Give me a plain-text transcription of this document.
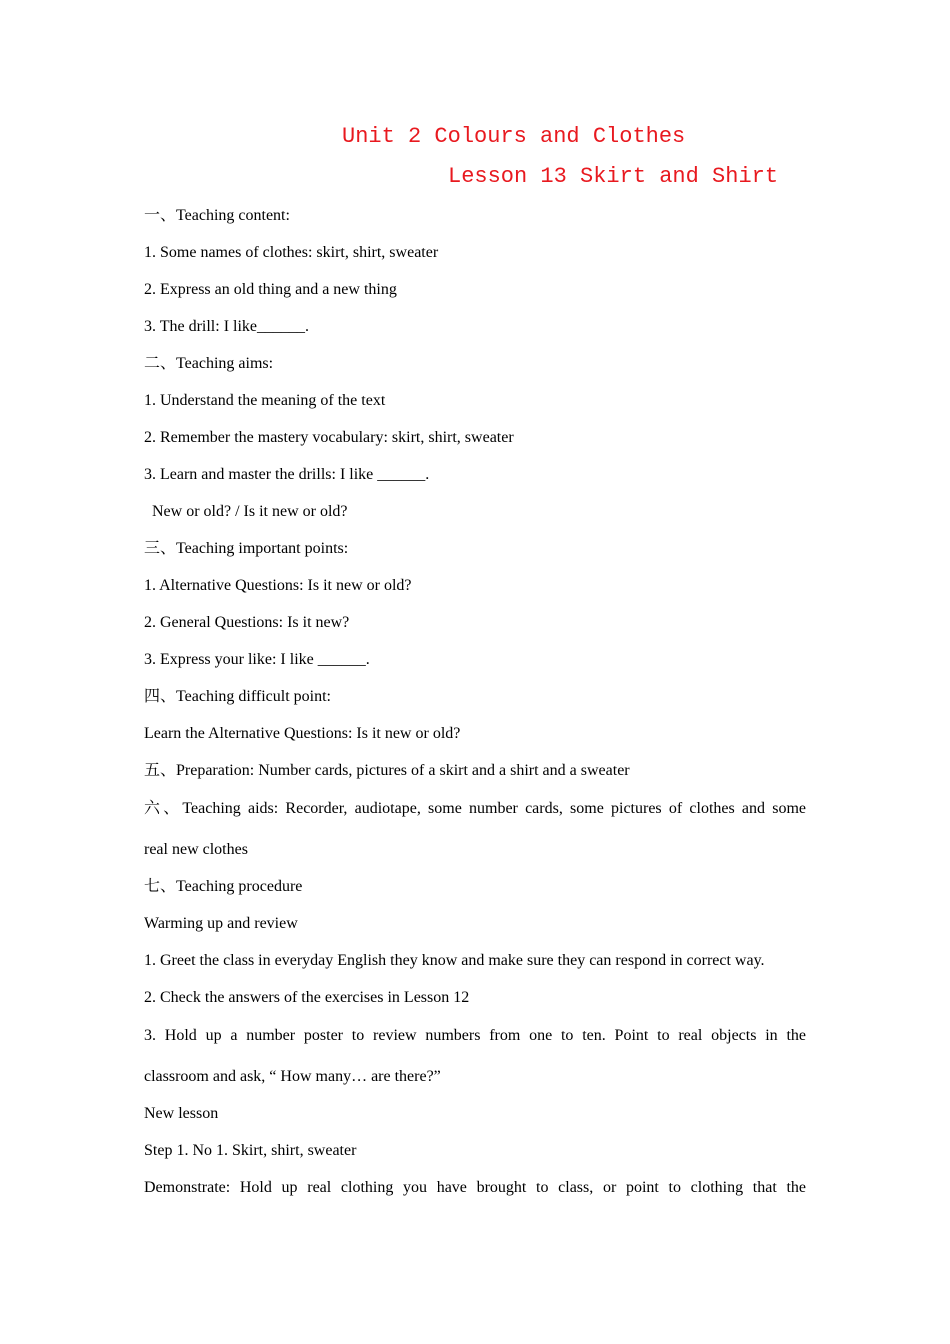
Unit 2 Colours and Clothes
Lesson 13 Skirt and Shirt
一、Teaching content:
1. Some names of clothes: skirt, shirt, sweater
2. Express an old thing and a new thing
3. The drill: I like______.
二、Teaching aims:
1. Understand the meaning of the text
2. Remember the mastery vocabulary: skirt, shirt, sweater
3. Learn and master the drills: I like ______.
New or old? / Is it new or old?
三、Teaching important points:
1. Alternative Questions: Is it new or old?
2. General Questions: Is it new?
3. Express your like: I like ______.
四、Teaching difficult point:
Learn the Alternative Questions: Is it new or old?
五、Preparation: Number cards, pictures of a skirt and a shirt and a sweater
六、Teaching aids: Recorder, audiotape, some number cards, some pictures of clothes and some
real new clothes
七、Teaching procedure
Warming up and review
1. Greet the class in everyday English they know and make sure they can respond in correct way.
2. Check the answers of the exercises in Lesson 12
3. Hold up a number poster to review numbers from one to ten. Point to real objects in the
classroom and ask, “ How many… are there?”
New lesson
Step 1. No 1. Skirt, shirt, sweater
Demonstrate: Hold up real clothing you have brought to class, or point to clothing that the
